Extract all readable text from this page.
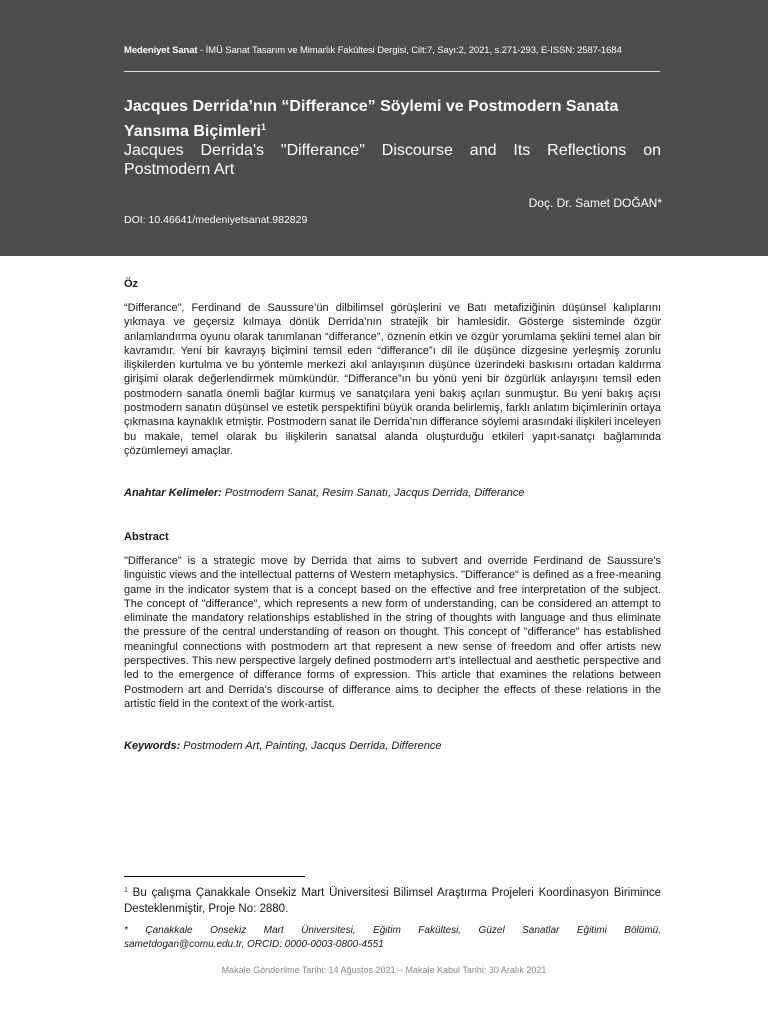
Medeniyet Sanat - İMÜ Sanat Tasarım ve Mimarlık Fakültesi Dergisi, Cilt:7, Sayı:2, 2021, s.271-293, E-ISSN: 2587-1684
Jacques Derrida’nın “Differance” Söylemi ve Postmodern Sanata Yansıma Biçimleri$^1$
Jacques Derrida's "Differance" Discourse and Its Reflections on Postmodern Art
Doç. Dr. Samet DOĞAN*
DOI: 10.46641/medeniyetsanat.982829
Öz
“Differance”, Ferdinand de Saussure’ün dilbilimsel görüşlerini ve Batı metafiziğinin düşünsel kalıplarını yıkmaya ve geçersiz kılmaya dönük Derrida’nın stratejik bir hamlesidir. Gösterge sisteminde özgür anlamlandırma oyunu olarak tanımlanan “differance”, öznenin etkin ve özgür yorumlama şeklini temel alan bir kavramdır. Yeni bir kavrayış biçimini temsil eden “differance”ı dil ile düşünce dizgesine yerleşmiş zorunlu ilişkilerden kurtulma ve bu yöntemle merkezi akıl anlayışının düşünce üzerindeki baskısını ortadan kaldırma girişimi olarak değerlendirmek mümkündür. “Differance”ın bu yönü yeni bir özgürlük anlayışını temsil eden postmodern sanatla önemli bağlar kurmuş ve sanatçılara yeni bakış açıları sunmuştur. Bu yeni bakış açısı postmodern sanatın düşünsel ve estetik perspektifini büyük oranda belirlemiş, farklı anlatım biçimlerinin ortaya çıkmasına kaynaklık etmiştir. Postmodern sanat ile Derrida’nın differance söylemi arasındaki ilişkileri inceleyen bu makale, temel olarak bu ilişkilerin sanatsal alanda oluşturduğu etkileri yapıt-sanatçı bağlamında çözümlemeyi amaçlar.
Anahtar Kelimeler: Postmodern Sanat, Resim Sanatı, Jacqus Derrida, Differance
Abstract
"Differance" is a strategic move by Derrida that aims to subvert and override Ferdinand de Saussure's linguistic views and the intellectual patterns of Western metaphysics. "Differance" is defined as a free-meaning game in the indicator system that is a concept based on the effective and free interpretation of the subject. The concept of "differance", which represents a new form of understanding, can be considered an attempt to eliminate the mandatory relationships established in the string of thoughts with language and thus eliminate the pressure of the central understanding of reason on thought. This concept of "differance" has established meaningful connections with postmodern art that represent a new sense of freedom and offer artists new perspectives. This new perspective largely defined postmodern art's intellectual and aesthetic perspective and led to the emergence of differance forms of expression. This article that examines the relations between Postmodern art and Derrida's discourse of differance aims to decipher the effects of these relations in the artistic field in the context of the work-artist.
Keywords: Postmodern Art, Painting, Jacqus Derrida, Difference
$^1$ Bu çalışma Çanakkale Onsekiz Mart Üniversitesi Bilimsel Araştırma Projeleri Koordinasyon Birimince Desteklenmiştir, Proje No: 2880.
* Çanakkale Onsekiz Mart Üniversitesi, Eğitim Fakültesi, Güzel Sanatlar Eğitimi Bölümü,
sametdogan@comu.edu.tr, ORCID: 0000-0003-0800-4551
Makale Gönderilme Tarihi: 14 Ağustos 2021 – Makale Kabul Tarihi: 30 Aralık 2021
